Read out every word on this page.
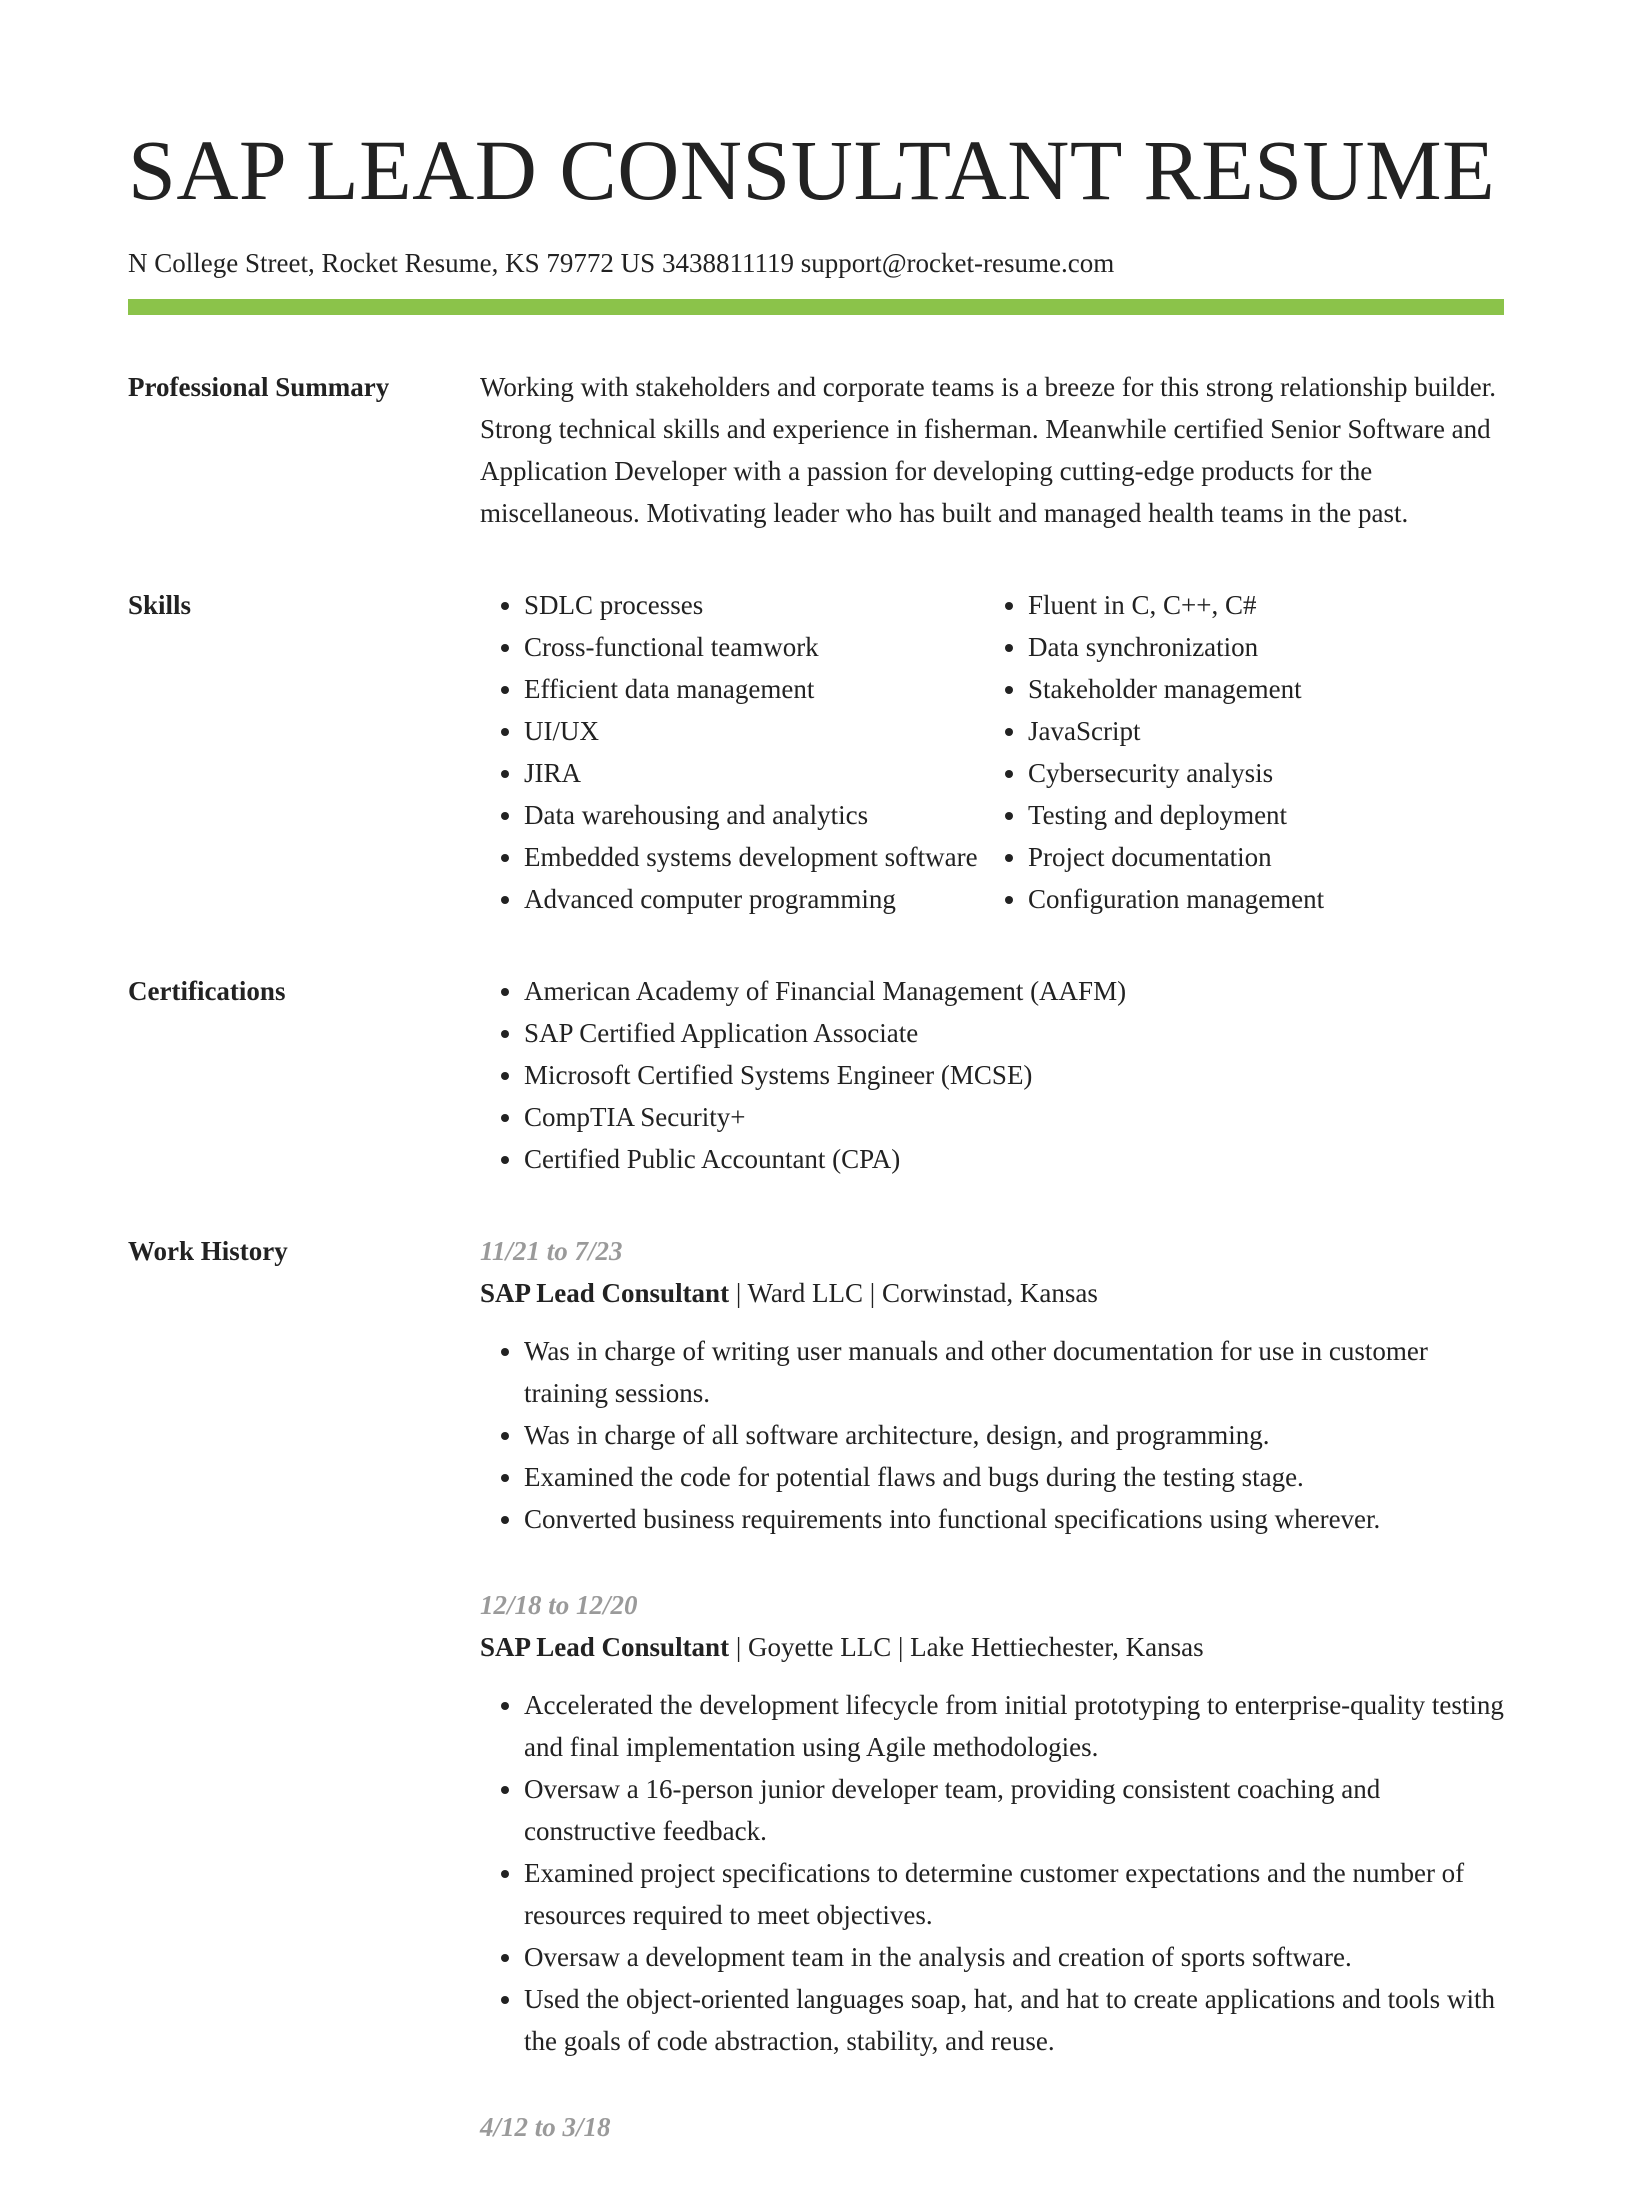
SAP LEAD CONSULTANT RESUME
N College Street, Rocket Resume, KS 79772 US 3438811119 support@rocket-resume.com
Professional Summary	Working with stakeholders and corporate teams is a breeze for this strong relationship builder. Strong technical skills and experience in fisherman. Meanwhile certified Senior Software and Application Developer with a passion for developing cutting-edge products for the miscellaneous. Motivating leader who has built and managed health teams in the past.

Skills	• SDLC processes
• Cross-functional teamwork
• Efficient data management
• UI/UX
• JIRA
• Data warehousing and analytics
• Embedded systems development software
• Advanced computer programming
• Fluent in C, C++, C#
• Data synchronization
• Stakeholder management
• JavaScript
• Cybersecurity analysis
• Testing and deployment
• Project documentation
• Configuration management
Certifications	• American Academy of Financial Management (AAFM)
• SAP Certified Application Associate
• Microsoft Certified Systems Engineer (MCSE)
• CompTIA Security+
• Certified Public Accountant (CPA)
Work History	11/21 to 7/23
SAP Lead Consultant | Ward LLC | Corwinstad, Kansas
• Was in charge of writing user manuals and other documentation for use in customer training sessions.
• Was in charge of all software architecture, design, and programming.
• Examined the code for potential flaws and bugs during the testing stage.
• Converted business requirements into functional specifications using wherever.
12/18 to 12/20
SAP Lead Consultant | Goyette LLC | Lake Hettiechester, Kansas
• Accelerated the development lifecycle from initial prototyping to enterprise-quality testing and final implementation using Agile methodologies.
• Oversaw a 16-person junior developer team, providing consistent coaching and constructive feedback.
• Examined project specifications to determine customer expectations and the number of resources required to meet objectives.
• Oversaw a development team in the analysis and creation of sports software.
• Used the object-oriented languages soap, hat, and hat to create applications and tools with the goals of code abstraction, stability, and reuse.
4/12 to 3/18
